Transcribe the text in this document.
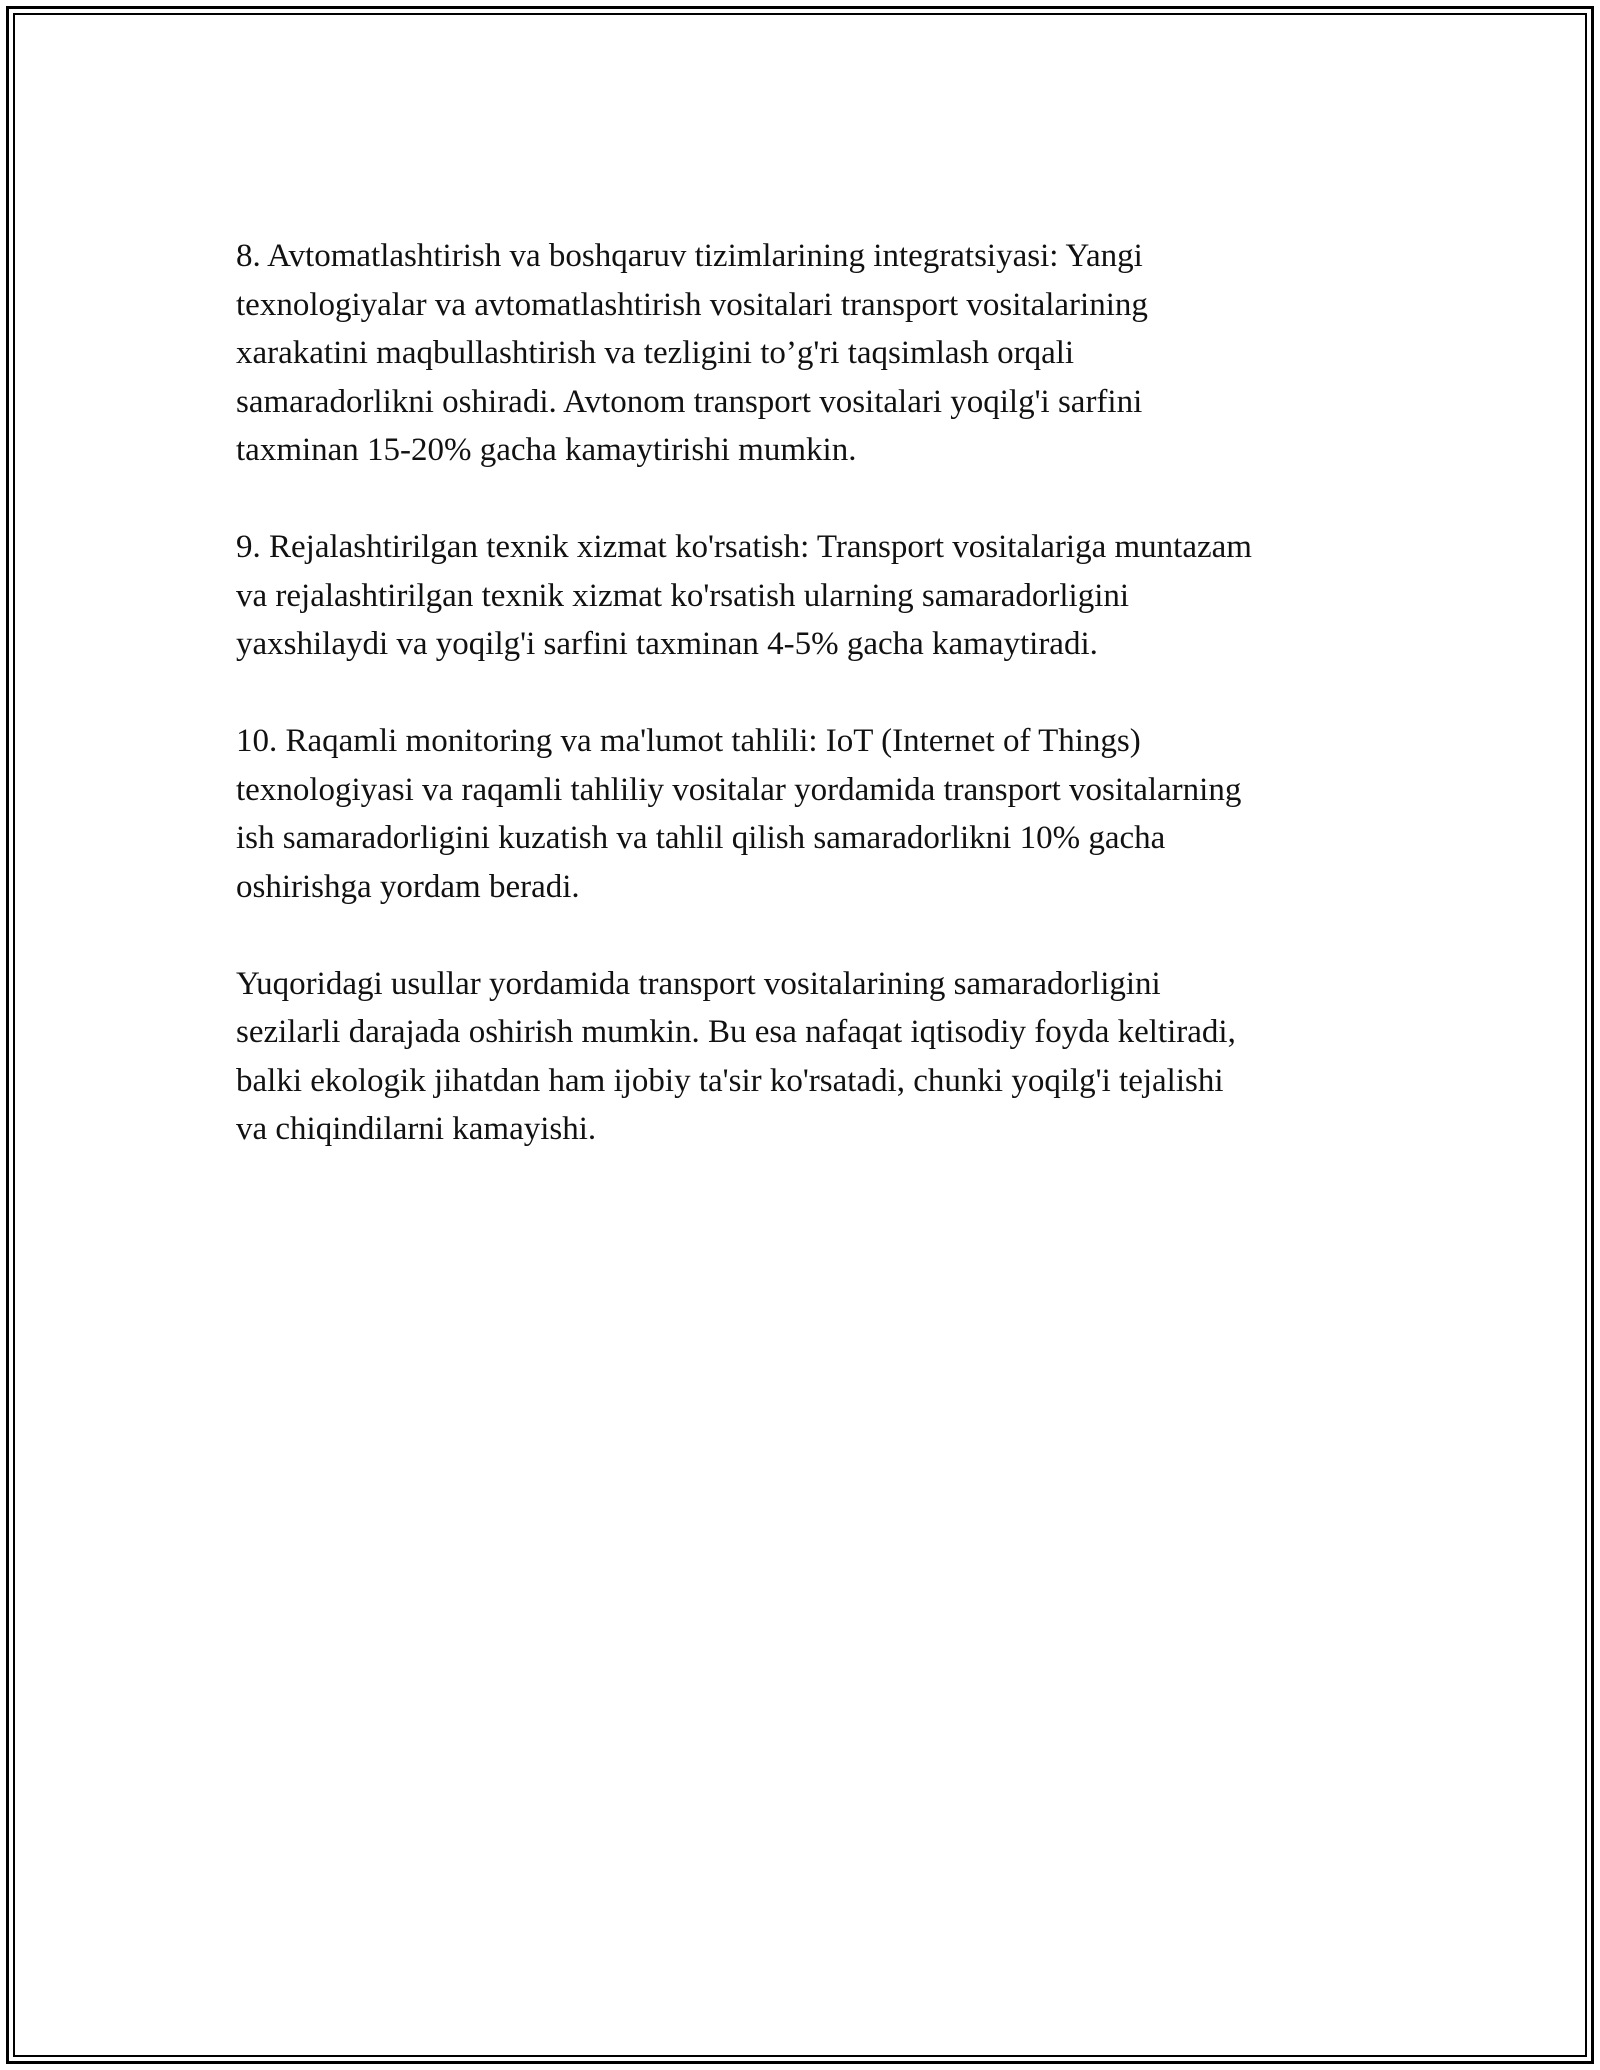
8. Avtomatlashtirish va boshqaruv tizimlarining integratsiyasi: Yangi
texnologiyalar va avtomatlashtirish vositalari transport vositalarining
xarakatini maqbullashtirish va tezligini to’g'ri taqsimlash orqali
samaradorlikni oshiradi. Avtonom transport vositalari yoqilg'i sarfini
taxminan 15-20% gacha kamaytirishi mumkin.

9. Rejalashtirilgan texnik xizmat ko'rsatish: Transport vositalariga muntazam
va rejalashtirilgan texnik xizmat ko'rsatish ularning samaradorligini
yaxshilaydi va yoqilg'i sarfini taxminan 4-5% gacha kamaytiradi.

10. Raqamli monitoring va ma'lumot tahlili: IoT (Internet of Things)
texnologiyasi va raqamli tahliliy vositalar yordamida transport vositalarning
ish samaradorligini kuzatish va tahlil qilish samaradorlikni 10% gacha
oshirishga yordam beradi.

Yuqoridagi usullar yordamida transport vositalarining samaradorligini
sezilarli darajada oshirish mumkin. Bu esa nafaqat iqtisodiy foyda keltiradi,
balki ekologik jihatdan ham ijobiy ta'sir ko'rsatadi, chunki yoqilg'i tejalishi
va chiqindilarni kamayishi.
